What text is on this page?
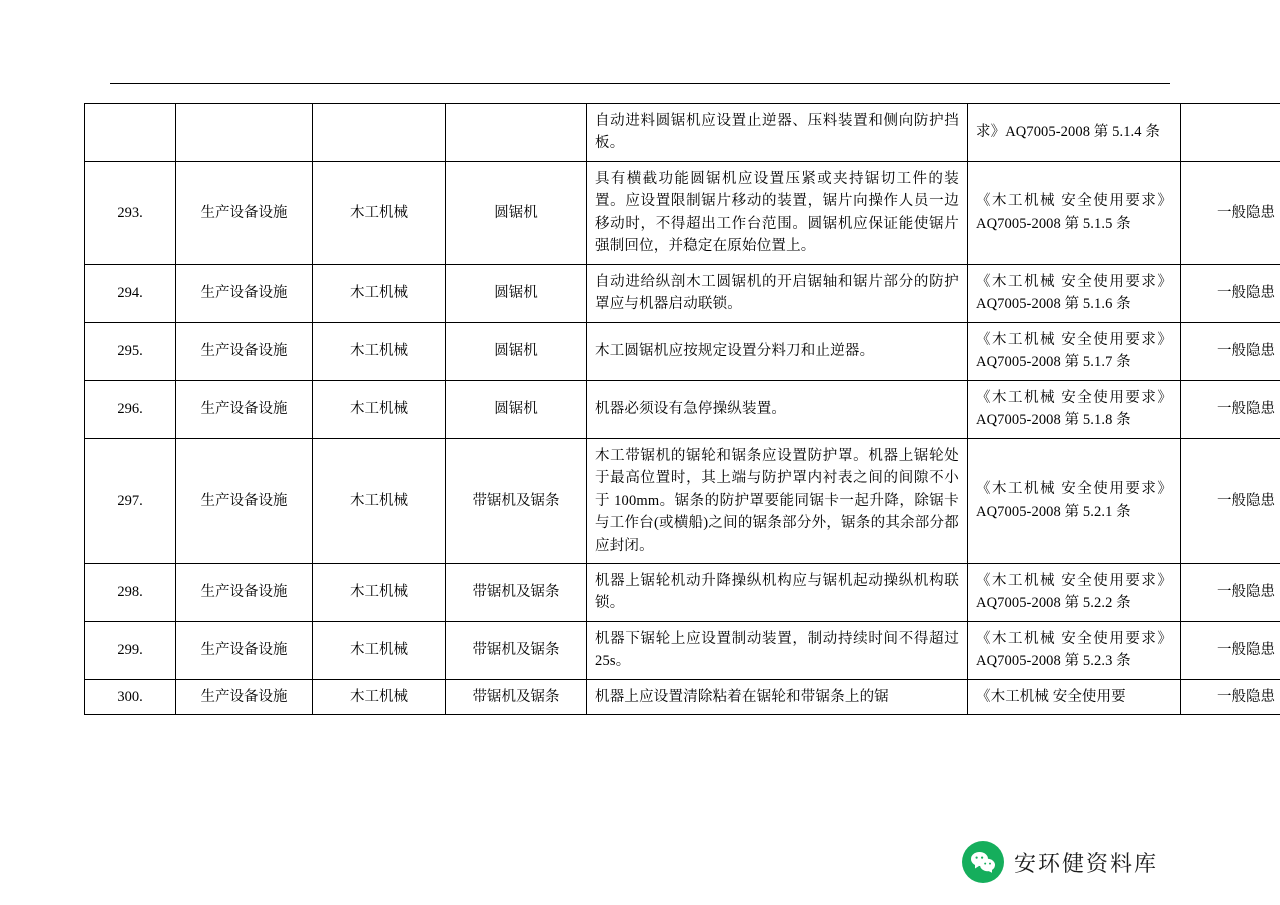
				自动进料圆锯机应设置止逆器、压料装置和侧向防护挡板。	求》AQ7005-2008 第 5.1.4 条	
293.	生产设备设施	木工机械	圆锯机	具有横截功能圆锯机应设置压紧或夹持锯切工件的装置。应设置限制锯片移动的装置，锯片向操作人员一边移动时，不得超出工作台范围。圆锯机应保证能使锯片强制回位，并稳定在原始位置上。	《木工机械 安全使用要求》AQ7005-2008 第 5.1.5 条	一般隐患
294.	生产设备设施	木工机械	圆锯机	自动进给纵剖木工圆锯机的开启锯轴和锯片部分的防护罩应与机器启动联锁。	《木工机械 安全使用要求》AQ7005-2008 第 5.1.6 条	一般隐患
295.	生产设备设施	木工机械	圆锯机	木工圆锯机应按规定设置分料刀和止逆器。	《木工机械 安全使用要求》AQ7005-2008 第 5.1.7 条	一般隐患
296.	生产设备设施	木工机械	圆锯机	机器必须设有急停操纵装置。	《木工机械 安全使用要求》AQ7005-2008 第 5.1.8 条	一般隐患
297.	生产设备设施	木工机械	带锯机及锯条	木工带锯机的锯轮和锯条应设置防护罩。机器上锯轮处于最高位置时，其上端与防护罩内衬表之间的间隙不小于 100mm。锯条的防护罩要能同锯卡一起升降，除锯卡与工作台(或横船)之间的锯条部分外，锯条的其余部分都应封闭。	《木工机械 安全使用要求》AQ7005-2008 第 5.2.1 条	一般隐患
298.	生产设备设施	木工机械	带锯机及锯条	机器上锯轮机动升降操纵机构应与锯机起动操纵机构联锁。	《木工机械 安全使用要求》AQ7005-2008 第 5.2.2 条	一般隐患
299.	生产设备设施	木工机械	带锯机及锯条	机器下锯轮上应设置制动装置，制动持续时间不得超过 25s。	《木工机械 安全使用要求》AQ7005-2008 第 5.2.3 条	一般隐患
300.	生产设备设施	木工机械	带锯机及锯条	机器上应设置清除粘着在锯轮和带锯条上的锯	《木工机械 安全使用要	一般隐患
安环健资料库
